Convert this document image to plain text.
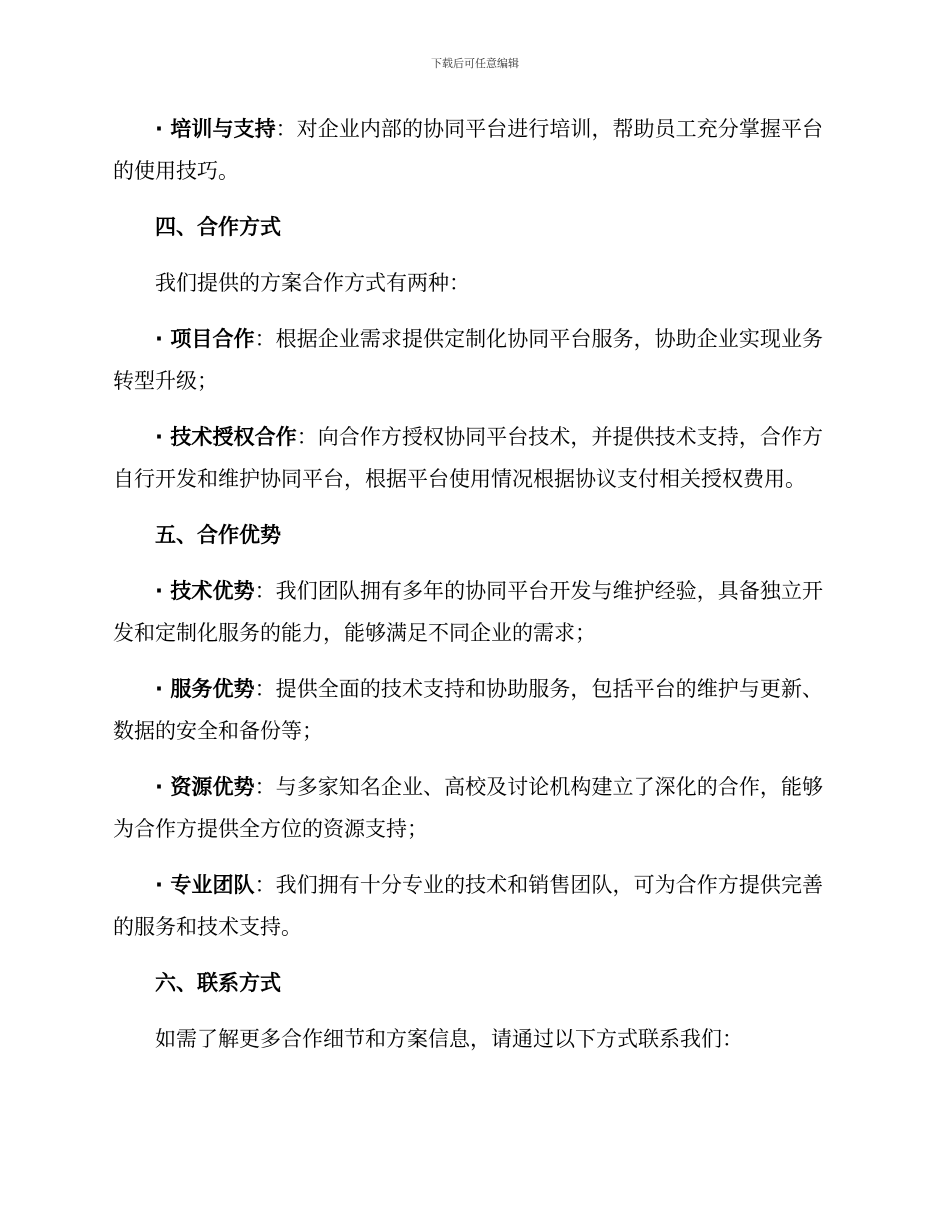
下载后可任意编辑

· 培训与支持：对企业内部的协同平台进行培训，帮助员工充分掌握平台的使用技巧。

四、合作方式

我们提供的方案合作方式有两种：

· 项目合作：根据企业需求提供定制化协同平台服务，协助企业实现业务转型升级；

· 技术授权合作：向合作方授权协同平台技术，并提供技术支持，合作方自行开发和维护协同平台，根据平台使用情况根据协议支付相关授权费用。

五、合作优势

· 技术优势：我们团队拥有多年的协同平台开发与维护经验，具备独立开发和定制化服务的能力，能够满足不同企业的需求；

· 服务优势：提供全面的技术支持和协助服务，包括平台的维护与更新、数据的安全和备份等；

· 资源优势：与多家知名企业、高校及讨论机构建立了深化的合作，能够为合作方提供全方位的资源支持；

· 专业团队：我们拥有十分专业的技术和销售团队，可为合作方提供完善的服务和技术支持。

六、联系方式

如需了解更多合作细节和方案信息，请通过以下方式联系我们：
